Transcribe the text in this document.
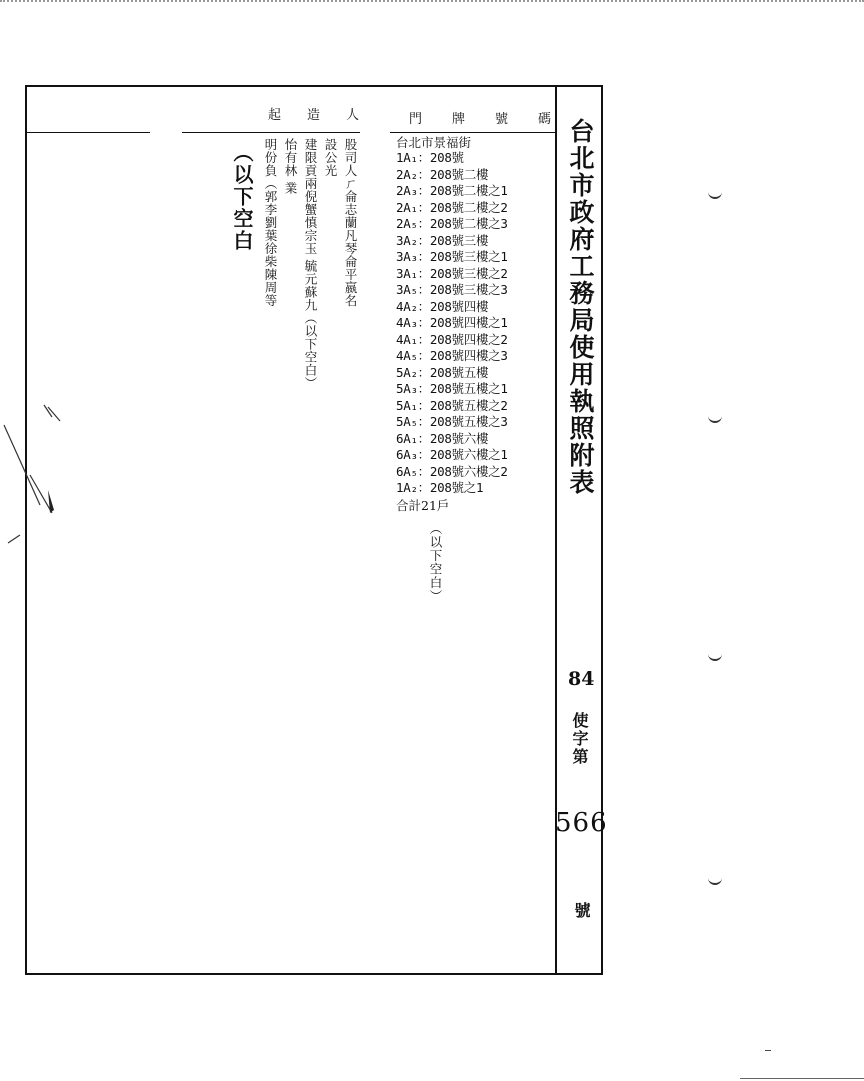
起造人 門牌號碼
台北市政府工務局使用執照附表
84
使字第
566
號
股司人ㄏ侖志蘭凡琴侖平嬴名
設公光
建限貢兩倪蟹慎宗玉 毓元蘇九（以下空白）
怡有林 業
明份負（郭李劉葉徐柴陳周等
（以下空白	台北市景福街
1A₁：208號
2A₂：208號二樓
2A₃：208號二樓之1
2A₁：208號二樓之2
2A₅：208號二樓之3
3A₂：208號三樓
3A₃：208號三樓之1
3A₁：208號三樓之2
3A₅：208號三樓之3
4A₂：208號四樓
4A₃：208號四樓之1
4A₁：208號四樓之2
4A₅：208號四樓之3
5A₂：208號五樓
5A₃：208號五樓之1
5A₁：208號五樓之2
5A₅：208號五樓之3
6A₁：208號六樓
6A₃：208號六樓之1
6A₅：208號六樓之2
1A₂：208號之1
合計21戶
（以下空白）
